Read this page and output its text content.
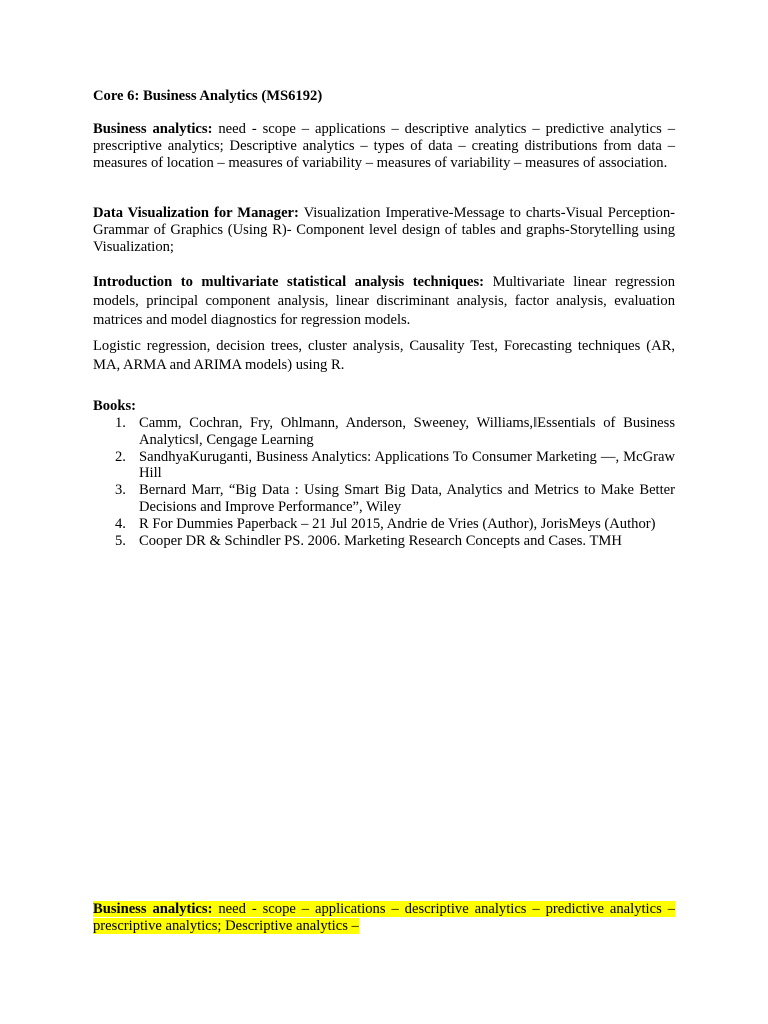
Core 6: Business Analytics (MS6192)
Business analytics: need - scope – applications – descriptive analytics – predictive analytics – prescriptive analytics; Descriptive analytics – types of data – creating distributions from data – measures of location – measures of variability – measures of variability – measures of association.
Data Visualization for Manager: Visualization Imperative-Message to charts-Visual Perception-Grammar of Graphics (Using R)- Component level design of tables and graphs-Storytelling using Visualization;
Introduction to multivariate statistical analysis techniques: Multivariate linear regression models, principal component analysis, linear discriminant analysis, factor analysis, evaluation matrices and model diagnostics for regression models.
Logistic regression, decision trees, cluster analysis, Causality Test, Forecasting techniques (AR, MA, ARMA and ARIMA models) using R.
Books:
1. Camm, Cochran, Fry, Ohlmann, Anderson, Sweeney, Williams,‖Essentials of Business Analytics‖, Cengage Learning
2. SandhyaKuruganti, Business Analytics: Applications To Consumer Marketing ―, McGraw Hill
3. Bernard Marr, “Big Data : Using Smart Big Data, Analytics and Metrics to Make Better Decisions and Improve Performance”, Wiley
4. R For Dummies Paperback – 21 Jul 2015, Andrie de Vries (Author), JorisMeys (Author)
5. Cooper DR & Schindler PS. 2006. Marketing Research Concepts and Cases. TMH
Business analytics: need - scope – applications – descriptive analytics – predictive analytics – prescriptive analytics; Descriptive analytics –
